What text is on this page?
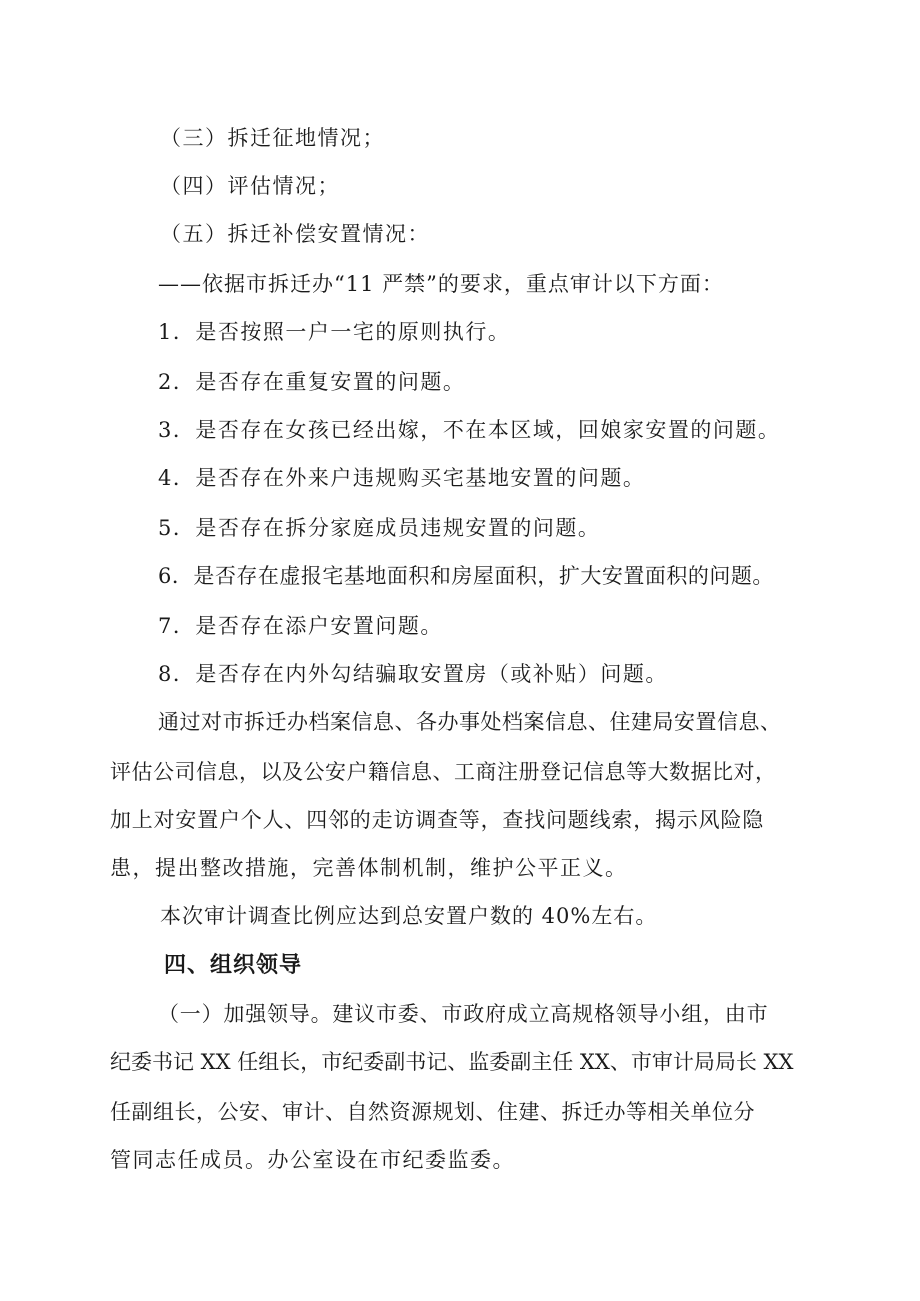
（三）拆迁征地情况；
（四）评估情况；
（五）拆迁补偿安置情况：
——依据市拆迁办“11 严禁”的要求，重点审计以下方面：
1．是否按照一户一宅的原则执行。
2．是否存在重复安置的问题。
3．是否存在女孩已经出嫁，不在本区域，回娘家安置的问题。
4．是否存在外来户违规购买宅基地安置的问题。
5．是否存在拆分家庭成员违规安置的问题。
6．是否存在虚报宅基地面积和房屋面积，扩大安置面积的问题。
7．是否存在添户安置问题。
8．是否存在内外勾结骗取安置房（或补贴）问题。
通过对市拆迁办档案信息、各办事处档案信息、住建局安置信息、
评估公司信息，以及公安户籍信息、工商注册登记信息等大数据比对，
加上对安置户个人、四邻的走访调查等，查找问题线索，揭示风险隐
患，提出整改措施，完善体制机制，维护公平正义。
本次审计调查比例应达到总安置户数的 40%左右。
四、组织领导
（一）加强领导。建议市委、市政府成立高规格领导小组，由市
纪委书记 XX 任组长，市纪委副书记、监委副主任 XX、市审计局局长 XX
任副组长，公安、审计、自然资源规划、住建、拆迁办等相关单位分
管同志任成员。办公室设在市纪委监委。
